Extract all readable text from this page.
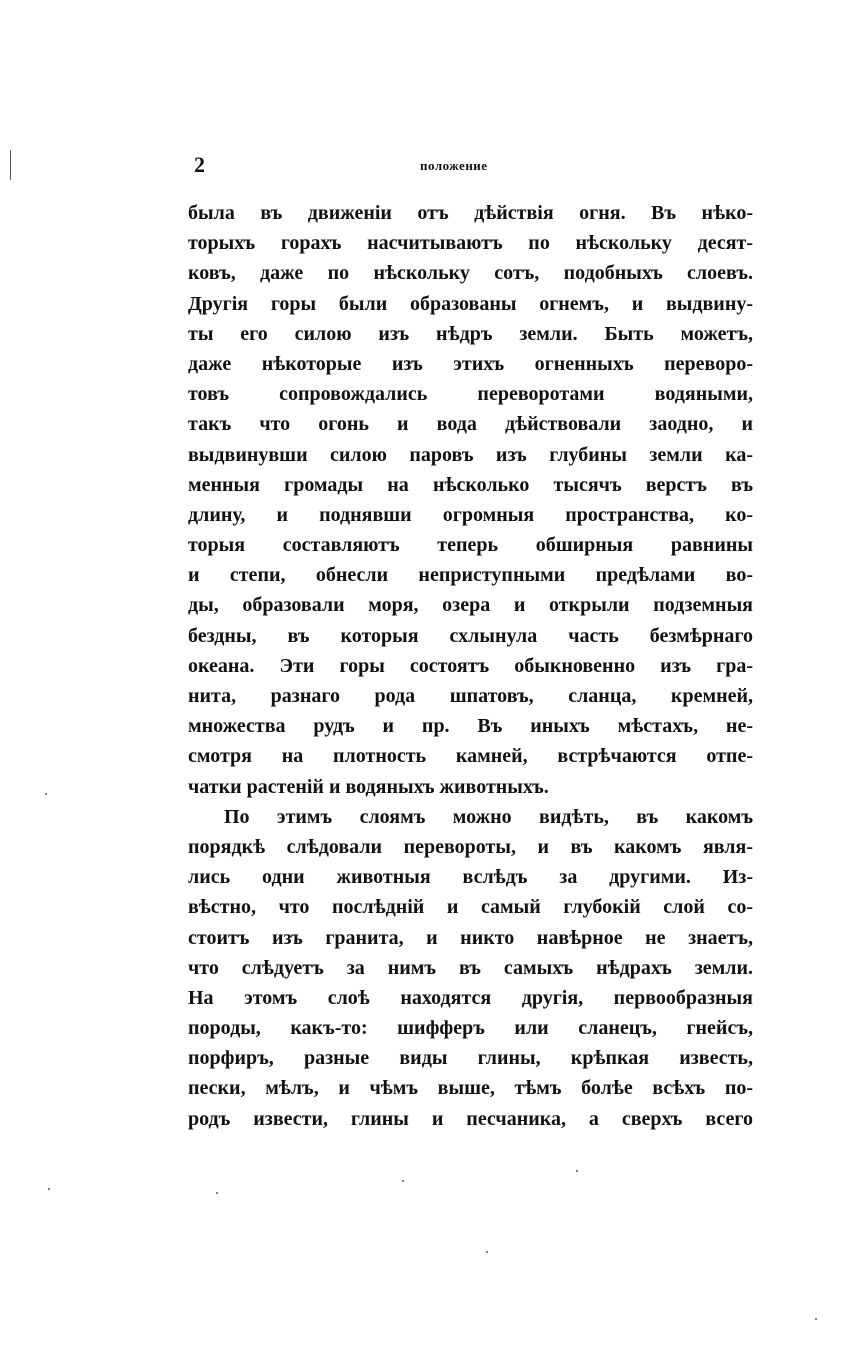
2	положение
была въ движенiи отъ дѣйствiя огня. Въ нѣко-
торыхъ горахъ насчитываютъ по нѣскольку десят-
ковъ, даже по нѣскольку сотъ, подобныхъ слоевъ.
Другiя горы были образованы огнемъ, и выдвину-
ты его силою изъ нѣдръ земли. Быть можетъ,
даже нѣкоторые изъ этихъ огненныхъ переворо-
товъ сопровождались переворотами водяными,
такъ что огонь и вода дѣйствовали заодно, и
выдвинувши силою паровъ изъ глубины земли ка-
менныя громады на нѣсколько тысячъ верстъ въ
длину, и поднявши огромныя пространства, ко-
торыя составляютъ теперь обширныя равнины
и степи, обнесли неприступными предѣлами во-
ды, образовали моря, озера и открыли подземныя
бездны, въ которыя схлынула часть безмѣрнаго
океана. Эти горы состоятъ обыкновенно изъ гра-
нита, разнаго рода шпатовъ, сланца, кремней,
множества рудъ и пр. Въ иныхъ мѣстахъ, не-
смотря на плотность камней, встрѣчаются отпе-
чатки растенiй и водяныхъ животныхъ.
По этимъ слоямъ можно видѣть, въ какомъ
порядкѣ слѣдовали перевороты, и въ какомъ явля-
лись одни животныя вслѣдъ за другими. Из-
вѣстно, что послѣднiй и самый глубокiй слой со-
стоитъ изъ гранита, и никто навѣрное не знаетъ,
что слѣдуетъ за нимъ въ самыхъ нѣдрахъ земли.
На этомъ слоѣ находятся другiя, первообразныя
породы, какъ-то: шифферъ или сланецъ, гнейсъ,
порфиръ, разные виды глины, крѣпкая известь,
пески, мѣлъ, и чѣмъ выше, тѣмъ болѣе всѣхъ по-
родъ извести, глины и песчаника, а сверхъ всего
